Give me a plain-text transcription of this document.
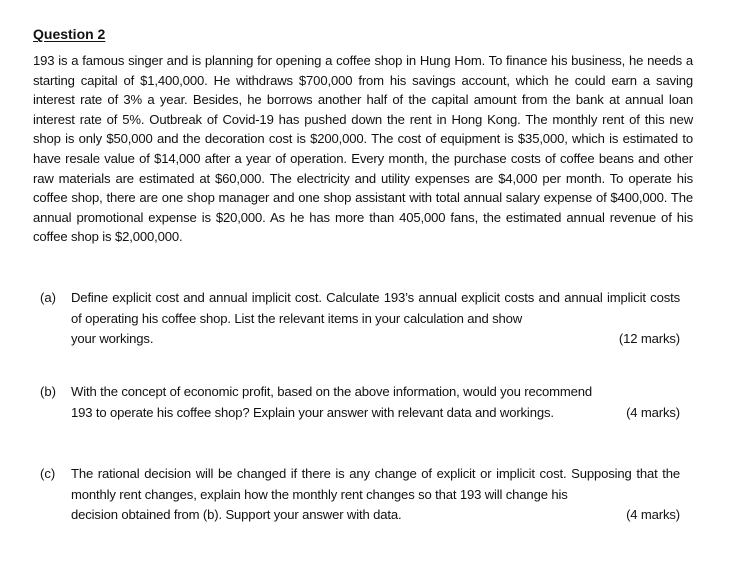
Question 2
193 is a famous singer and is planning for opening a coffee shop in Hung Hom. To finance his business, he needs a starting capital of $1,400,000. He withdraws $700,000 from his savings account, which he could earn a saving interest rate of 3% a year. Besides, he borrows another half of the capital amount from the bank at annual loan interest rate of 5%. Outbreak of Covid-19 has pushed down the rent in Hong Kong. The monthly rent of this new shop is only $50,000 and the decoration cost is $200,000. The cost of equipment is $35,000, which is estimated to have resale value of $14,000 after a year of operation. Every month, the purchase costs of coffee beans and other raw materials are estimated at $60,000. The electricity and utility expenses are $4,000 per month. To operate his coffee shop, there are one shop manager and one shop assistant with total annual salary expense of $400,000. The annual promotional expense is $20,000. As he has more than 405,000 fans, the estimated annual revenue of his coffee shop is $2,000,000.
(a)	Define explicit cost and annual implicit cost. Calculate 193’s annual explicit costs and annual implicit costs of operating his coffee shop. List the relevant items in your calculation and show
your workings.	(12 marks)
(b)	With the concept of economic profit, based on the above information, would you recommend
193 to operate his coffee shop? Explain your answer with relevant data and workings.	(4 marks)
(c)	The rational decision will be changed if there is any change of explicit or implicit cost. Supposing that the monthly rent changes, explain how the monthly rent changes so that 193 will change his
decision obtained from (b). Support your answer with data.	(4 marks)
